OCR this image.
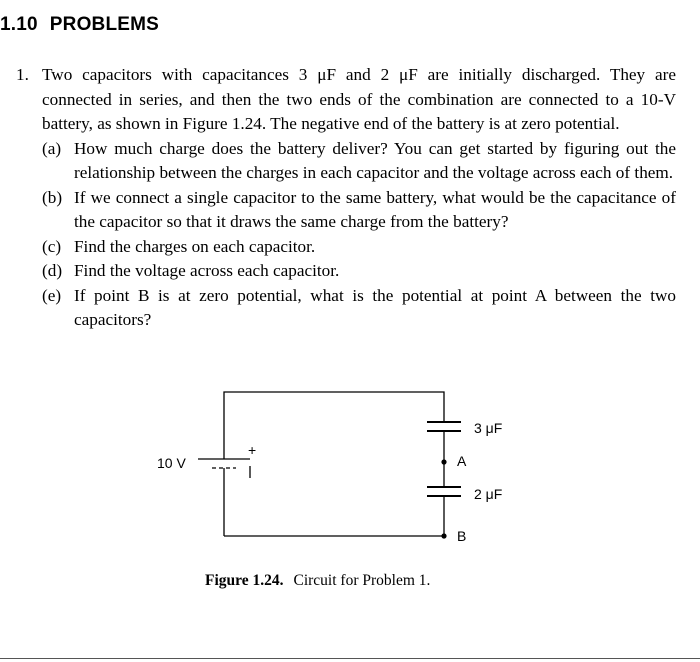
1.10 PROBLEMS
1. Two capacitors with capacitances 3 μF and 2 μF are initially discharged. They are connected in series, and then the two ends of the combination are connected to a 10-V battery, as shown in Figure 1.24. The negative end of the battery is at zero potential.
(a) How much charge does the battery deliver? You can get started by figuring out the relationship between the charges in each capacitor and the voltage across each of them.
(b) If we connect a single capacitor to the same battery, what would be the capacitance of the capacitor so that it draws the same charge from the battery?
(c) Find the charges on each capacitor.
(d) Find the voltage across each capacitor.
(e) If point B is at zero potential, what is the potential at point A between the two capacitors?
+
10 V
3 μF
A
2 μF
B
Figure 1.24. Circuit for Problem 1.
